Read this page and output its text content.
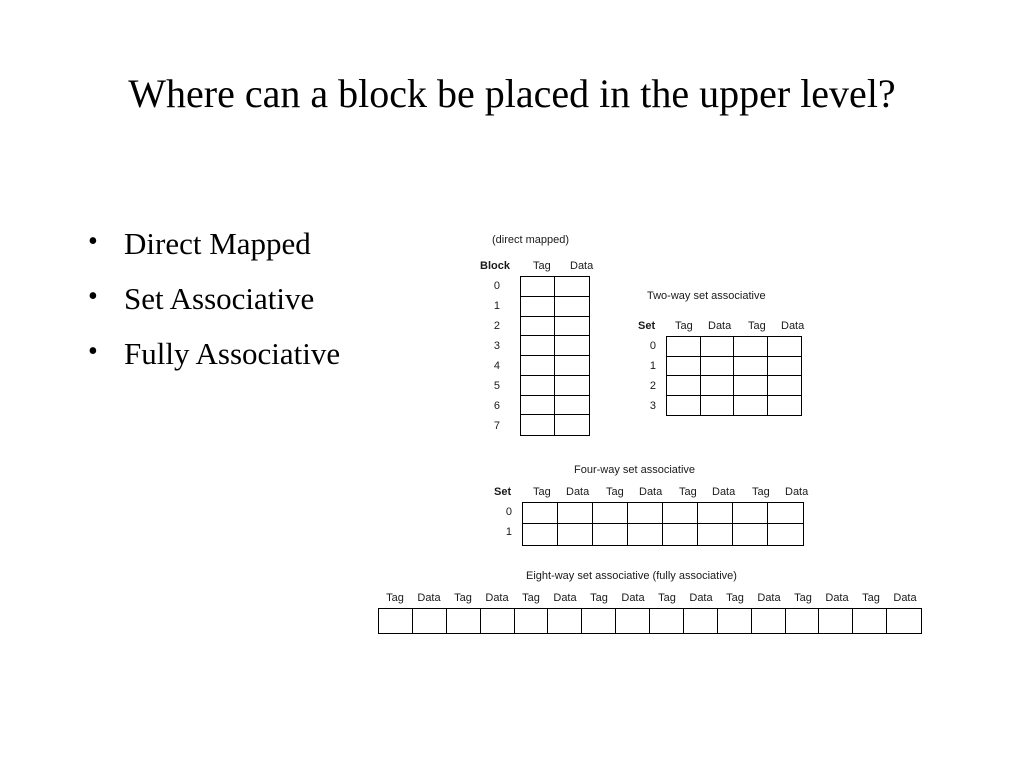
Where can a block be placed in the upper level?
• Direct Mapped
• Set Associative
• Fully Associative
(direct mapped)
Block Tag Data
0
1
2
3
4
5
6
7
Two-way set associative
Set Tag Data Tag Data
0
1
2
3
Four-way set associative
Set Tag Data Tag Data Tag Data Tag Data
0
1
Eight-way set associative (fully associative)
Tag	Data	Tag	Data	Tag	Data	Tag	Data	Tag	Data	Tag	Data	Tag	Data	Tag	Data
